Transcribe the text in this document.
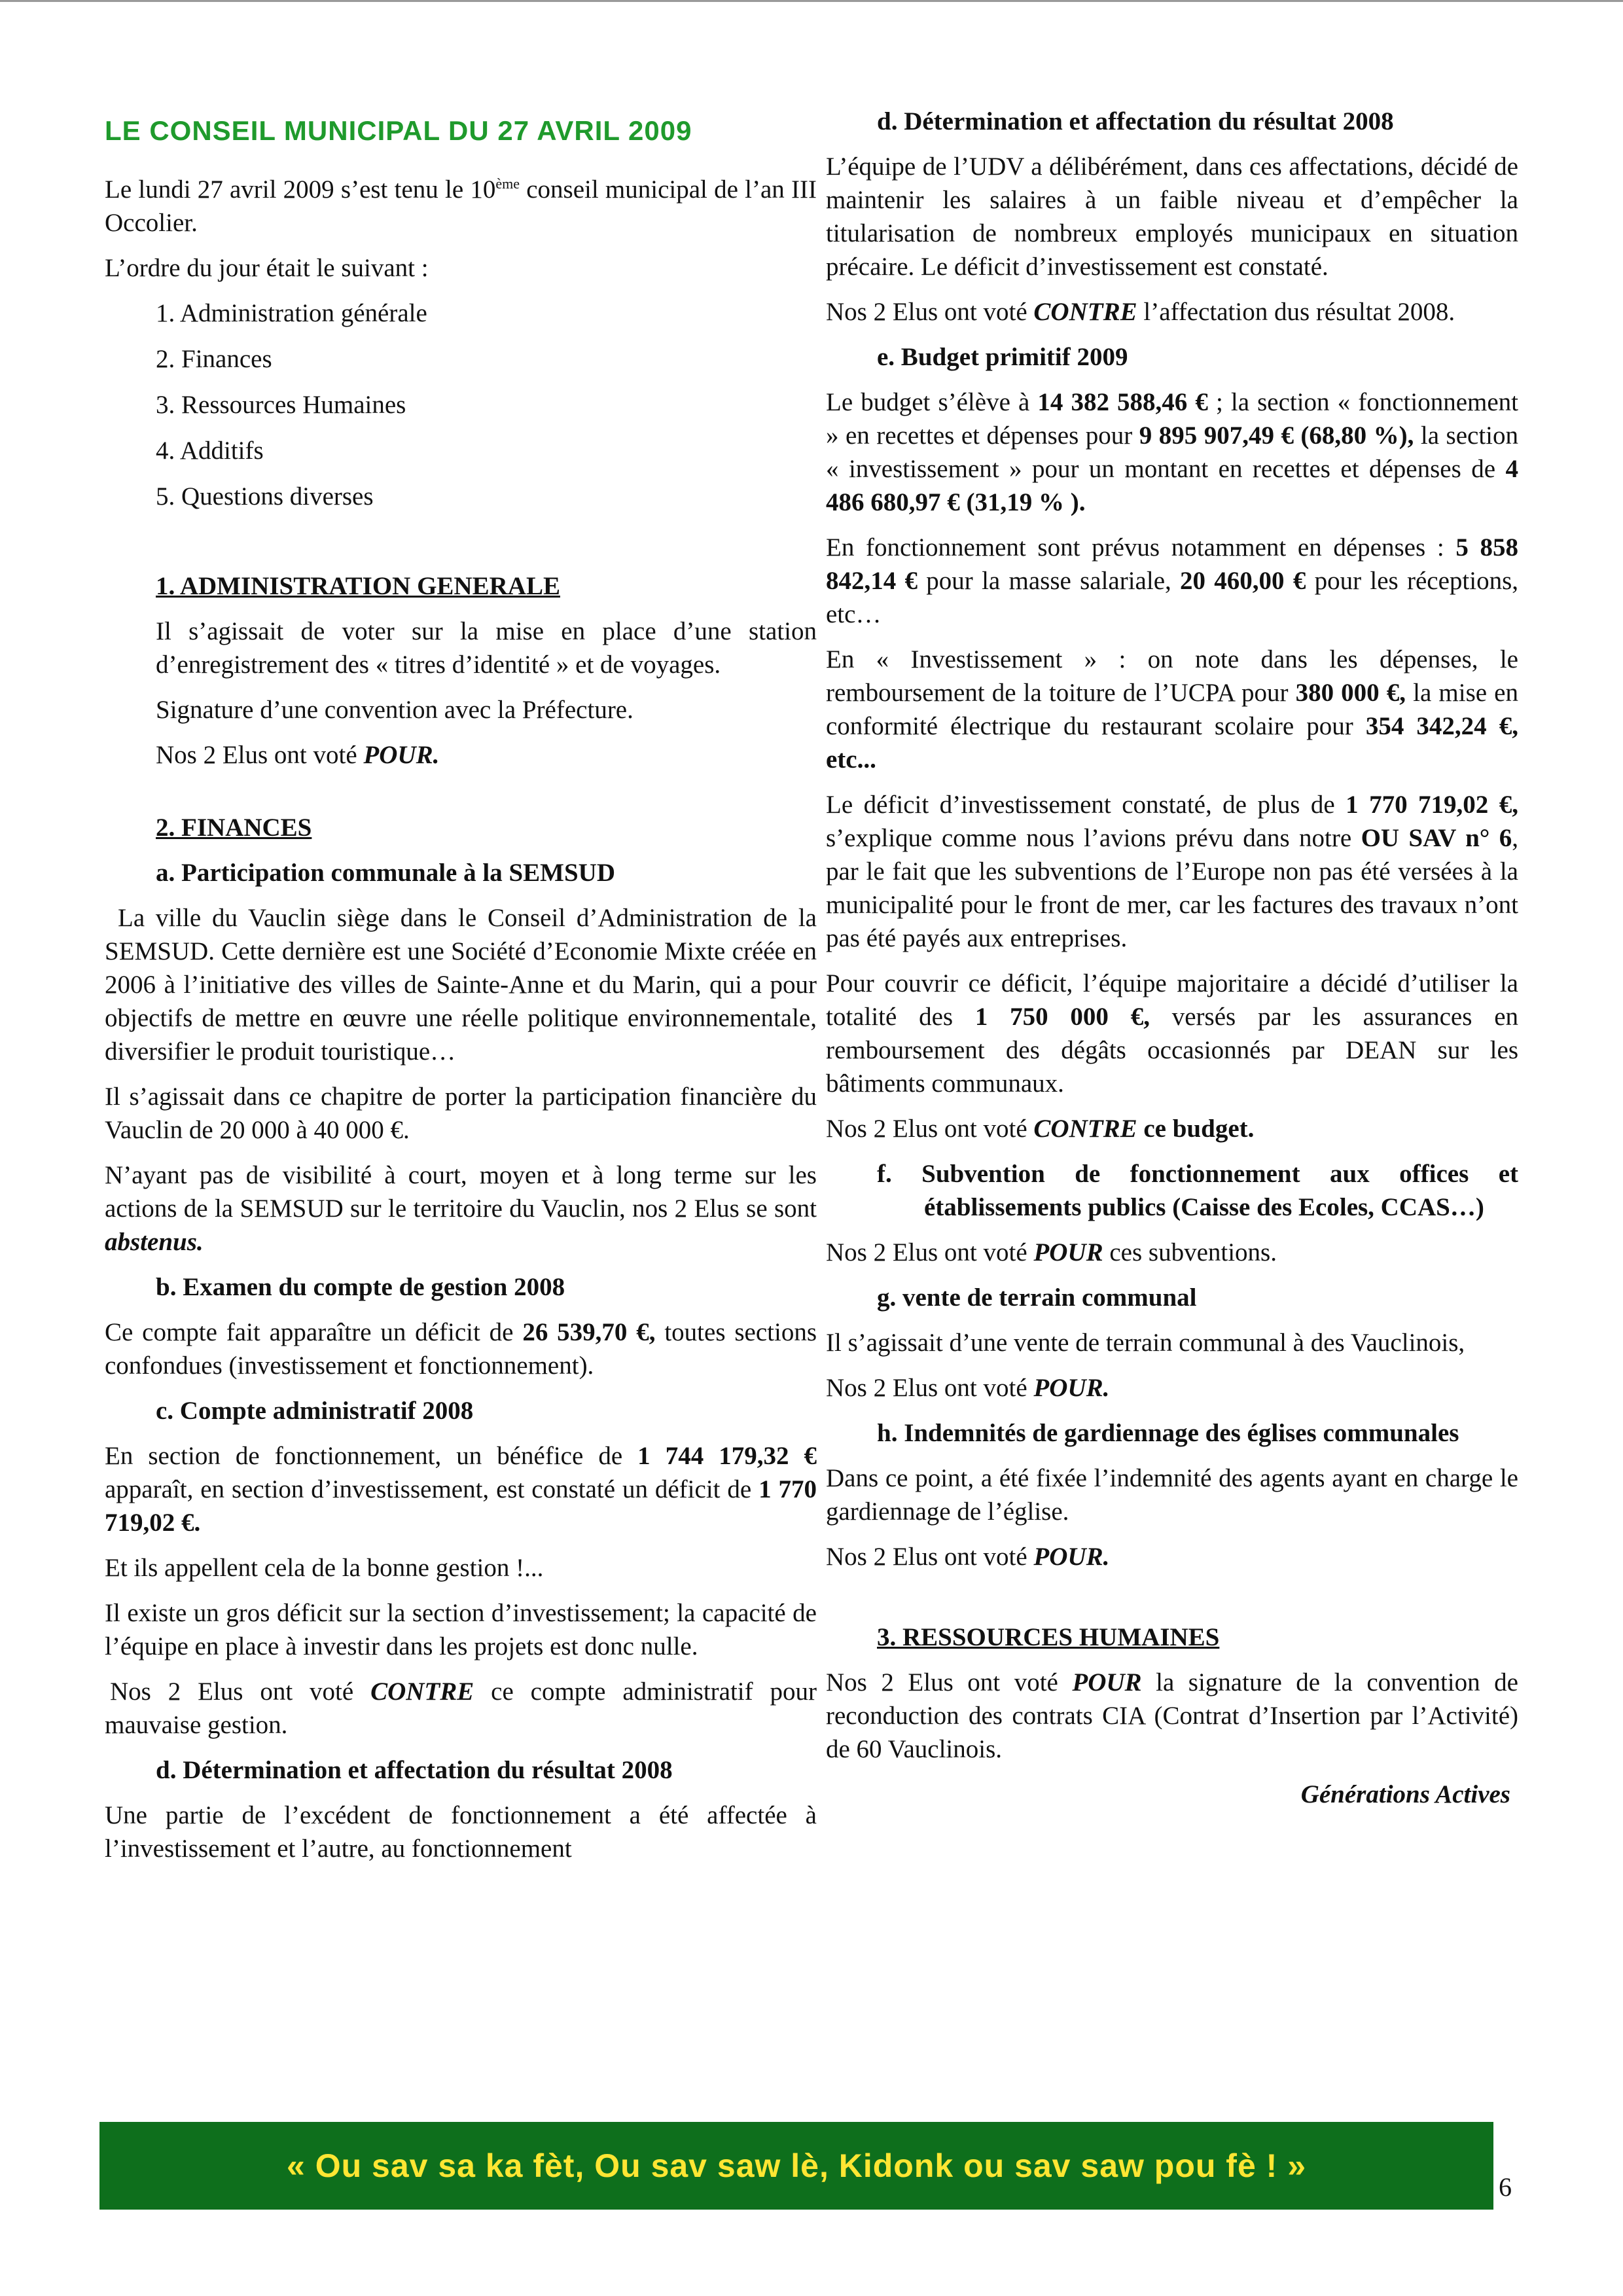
LE CONSEIL MUNICIPAL DU 27 AVRIL 2009

Le lundi 27 avril 2009 s’est tenu le 10ème conseil municipal de l’an III Occolier.

L’ordre du jour était le suivant :

1. Administration générale
2. Finances
3. Ressources Humaines
4. Additifs
5. Questions diverses
1. ADMINISTRATION GENERALE

Il s’agissait de voter sur la mise en place d’une station d’enregistrement des « titres d’identité » et de voyages.

Signature d’une convention avec la Préfecture.

Nos 2 Elus ont voté POUR.

2. FINANCES
a. Participation communale à la SEMSUD

La ville du Vauclin siège dans le Conseil d’Administration de la SEMSUD. Cette dernière est une Société d’Economie Mixte créée en 2006 à l’initiative des villes de Sainte-Anne et du Marin, qui a pour objectifs de mettre en œuvre une réelle politique environnementale, diversifier le produit touristique…

Il s’agissait dans ce chapitre de porter la participation financière du Vauclin de 20 000 à 40 000 €.

N’ayant pas de visibilité à court, moyen et à long terme sur les actions de la SEMSUD sur le territoire du Vauclin, nos 2 Elus se sont abstenus.

b. Examen du compte de gestion 2008

Ce compte fait apparaître un déficit de 26 539,70 €, toutes sections confondues (investissement et fonctionnement).

c. Compte administratif 2008

En section de fonctionnement, un bénéfice de 1 744 179,32 € apparaît, en section d’investissement, est constaté un déficit de 1 770 719,02 €.

Et ils appellent cela de la bonne gestion !...

Il existe un gros déficit sur la section d’investissement; la capacité de l’équipe en place à investir dans les projets est donc nulle.

Nos 2 Elus ont voté CONTRE ce compte administratif pour mauvaise gestion.

d. Détermination et affectation du résultat 2008

Une partie de l’excédent de fonctionnement a été affectée à l’investissement et l’autre, au fonctionnement

d. Détermination et affectation du résultat 2008

L’équipe de l’UDV a délibérément, dans ces affectations, décidé de maintenir les salaires à un faible niveau et d’empêcher la titularisation de nombreux employés municipaux en situation précaire. Le déficit d’investissement est constaté.

Nos 2 Elus ont voté CONTRE l’affectation dus résultat 2008.

e. Budget primitif 2009

Le budget s’élève à 14 382 588,46 € ; la section « fonctionnement » en recettes et dépenses pour 9 895 907,49 € (68,80 %), la section « investissement » pour un montant en recettes et dépenses de 4 486 680,97 € (31,19 % ).

En fonctionnement sont prévus notamment en dépenses : 5 858 842,14 € pour la masse salariale, 20 460,00 € pour les réceptions, etc…

En « Investissement » : on note dans les dépenses, le remboursement de la toiture de l’UCPA pour 380 000 €, la mise en conformité électrique du restaurant scolaire pour 354 342,24 €, etc...

Le déficit d’investissement constaté, de plus de 1 770 719,02 €, s’explique comme nous l’avions prévu dans notre OU SAV n° 6, par le fait que les subventions de l’Europe non pas été versées à la municipalité pour le front de mer, car les factures des travaux n’ont pas été payés aux entreprises.

Pour couvrir ce déficit, l’équipe majoritaire a décidé d’utiliser la totalité des 1 750 000 €, versés par les assurances en remboursement des dégâts occasionnés par DEAN sur les bâtiments communaux.

Nos 2 Elus ont voté CONTRE ce budget.

f. Subvention de fonctionnement aux offices et établissements publics (Caisse des Ecoles, CCAS…)

Nos 2 Elus ont voté POUR ces subventions.

g. vente de terrain communal

Il s’agissait d’une vente de terrain communal à des Vauclinois,

Nos 2 Elus ont voté POUR.

h. Indemnités de gardiennage des églises communales

Dans ce point, a été fixée l’indemnité des agents ayant en charge le gardiennage de l’église.

Nos 2 Elus ont voté POUR.

3. RESSOURCES HUMAINES

Nos 2 Elus ont voté POUR la signature de la convention de reconduction des contrats CIA (Contrat d’Insertion par l’Activité) de 60 Vauclinois.

Générations Actives
« Ou sav sa ka fèt, Ou sav saw lè, Kidonk ou sav saw pou fè ! »
6
